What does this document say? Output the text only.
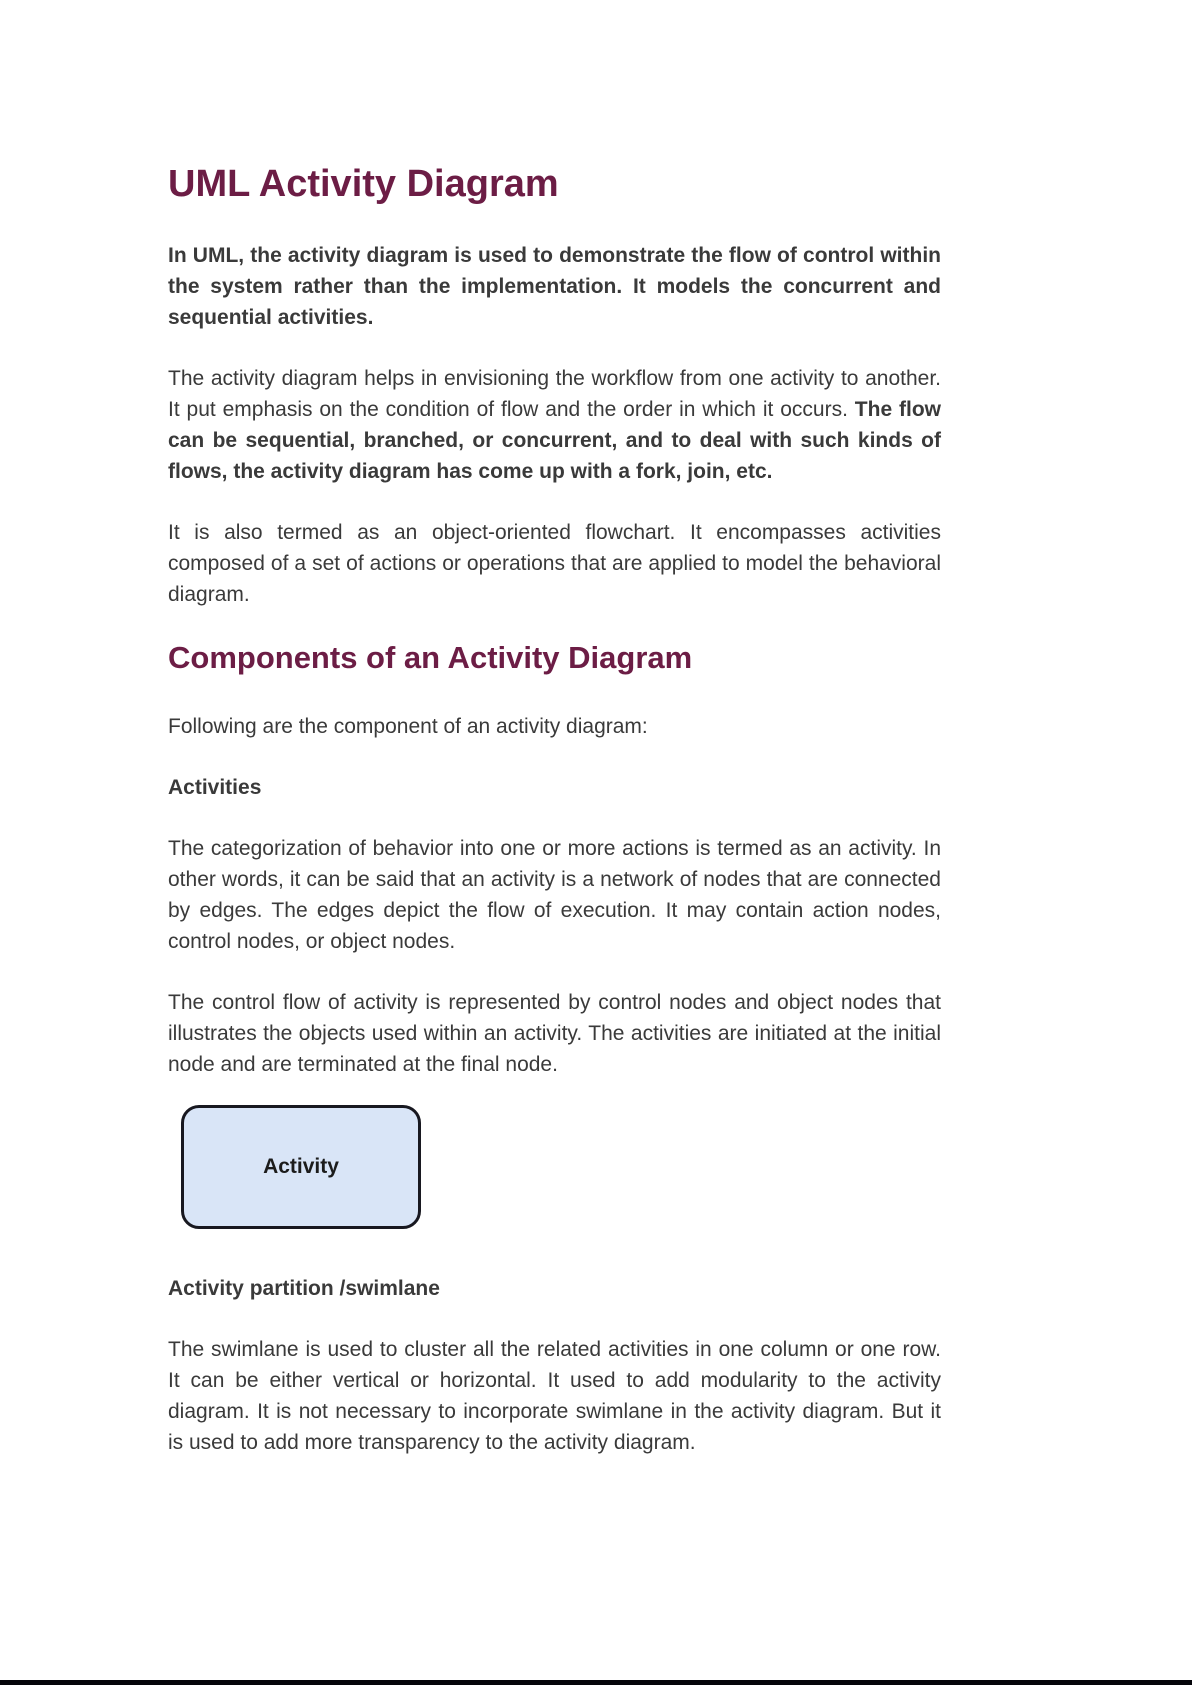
UML Activity Diagram

In UML, the activity diagram is used to demonstrate the flow of control within the system rather than the implementation. It models the concurrent and sequential activities.

The activity diagram helps in envisioning the workflow from one activity to another. It put emphasis on the condition of flow and the order in which it occurs. The flow can be sequential, branched, or concurrent, and to deal with such kinds of flows, the activity diagram has come up with a fork, join, etc.

It is also termed as an object-oriented flowchart. It encompasses activities composed of a set of actions or operations that are applied to model the behavioral diagram.

Components of an Activity Diagram

Following are the component of an activity diagram:

Activities

The categorization of behavior into one or more actions is termed as an activity. In other words, it can be said that an activity is a network of nodes that are connected by edges. The edges depict the flow of execution. It may contain action nodes, control nodes, or object nodes.

The control flow of activity is represented by control nodes and object nodes that illustrates the objects used within an activity. The activities are initiated at the initial node and are terminated at the final node.

Activity
Activity partition /swimlane

The swimlane is used to cluster all the related activities in one column or one row. It can be either vertical or horizontal. It used to add modularity to the activity diagram. It is not necessary to incorporate swimlane in the activity diagram. But it is used to add more transparency to the activity diagram.
